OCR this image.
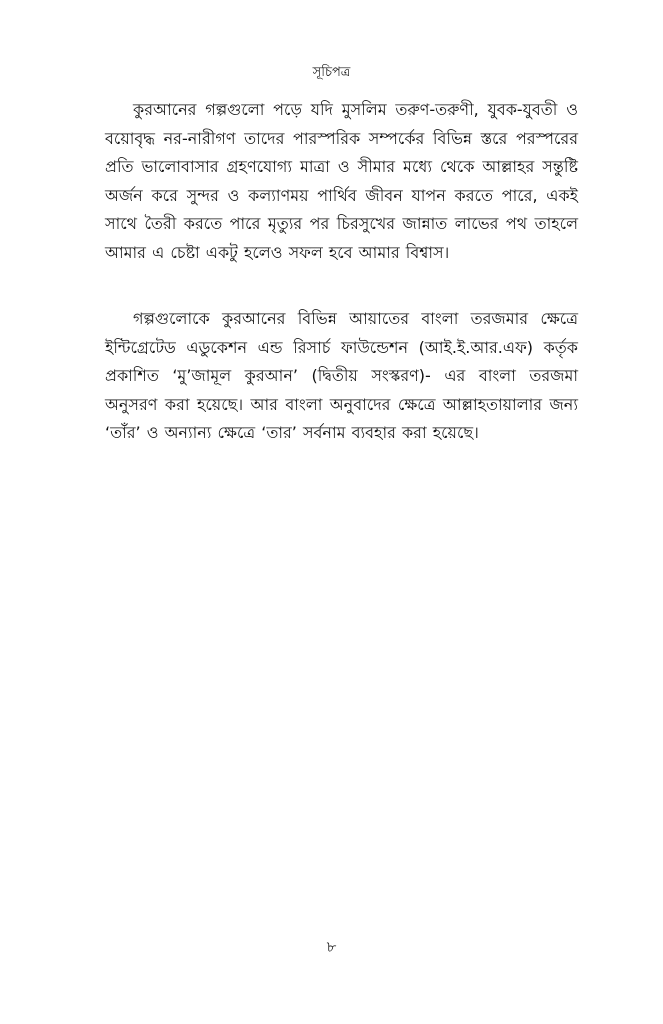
সূচিপত্র

কুরআনের গল্পগুলো পড়ে যদি মুসলিম তরুণ-তরুণী, যুবক-যুবতী ও বয়োবৃদ্ধ নর-নারীগণ তাদের পারস্পরিক সম্পর্কের বিভিন্ন স্তরে পরস্পরের প্রতি ভালোবাসার গ্রহণযোগ্য মাত্রা ও সীমার মধ্যে থেকে আল্লাহর সন্তুষ্টি অর্জন করে সুন্দর ও কল্যাণময় পার্থিব জীবন যাপন করতে পারে, একই সাথে তৈরী করতে পারে মৃত্যুর পর চিরসুখের জান্নাত লাভের পথ তাহলে আমার এ চেষ্টা একটু হলেও সফল হবে আমার বিশ্বাস।

গল্পগুলোকে কুরআনের বিভিন্ন আয়াতের বাংলা তরজমার ক্ষেত্রে ইন্টিগ্রেটেড এডুকেশন এন্ড রিসার্চ ফাউন্ডেশন (আই.ই.আর.এফ) কর্তৃক প্রকাশিত ‘মু’জামূল কুরআন’ (দ্বিতীয় সংস্করণ)- এর বাংলা তরজমা অনুসরণ করা হয়েছে। আর বাংলা অনুবাদের ক্ষেত্রে আল্লাহতায়ালার জন্য ‘তাঁর’ ও অন্যান্য ক্ষেত্রে ‘তার’ সর্বনাম ব্যবহার করা হয়েছে।

৮
